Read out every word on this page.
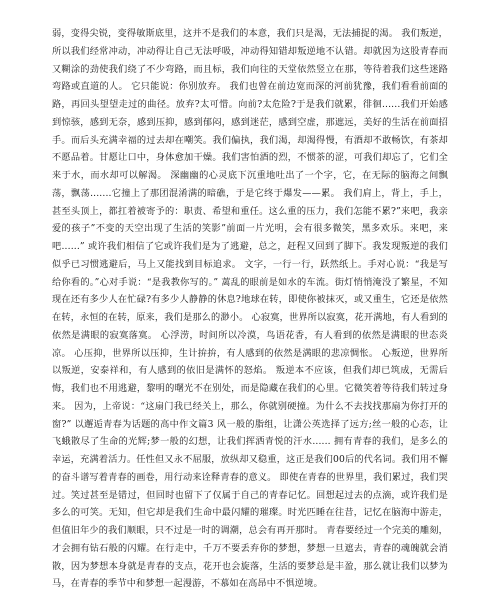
弱，变得尖锐，变得敏斯底里，这并不是我们的本意，我们只是渴，无法捕捉的渴。 我们叛逆，所以我们经常冲动，冲动得让自己无法呼吸，冲动得知错却叛逆地不认错。却就因为这股青春而又糊涂的劲使我们绕了不少弯路，而且标，我们向往的天堂依然竖立在那，等待着我们这些迷路弯路或直道的人。 它只能说：你别放弃。 我们也曾在前边宽而深的河前犹豫，我们看看前面的路，再回头望望走过的曲径。放弃?太可惜。向前?太危险?于是我们就累，徘徊......我们开始感到惊骇，感到无奈，感到压抑，感到郁闷，感到迷茫，感到空虚，那遮远，美好的生活在前面招手。而后头充满幸福的过去却在嘲笑。我们偏执，我们渴，却渴得慢，有酒却不敢畅饮，有茶却不愿品着。甘愿让口中，身体愈加干燥。我们害怕酒的烈，不惯茶的涩，可我们却忘了，它们全来于水，而水却可以解渴。 深幽幽的心灵底下沉重地吐出了一个字，它，在无际的脑海之间飘荡，飘荡.......它撞上了那团混淆满的暗礁，于是它终于爆发——累。 我们肩上，背上，手上，甚至头顶上，都扛着被寄予的：职责、希望和重任。这么重的压力，我们怎能不累?”来吧，我亲爱的孩子”不变的天空出现了生活的笑影”前面一片光明，会有很多微笑，黑多欢乐。来吧，来吧......” 或许我们相信了它或许我们是为了逃避，总之，赶程又回到了脚下。我发现叛逆的我们似乎已习惯逃避后，马上又能找到目标追求。 文字，一行一行，跃然纸上。手对心说：“我是写给你看的。”心对手说：“是我教你写的。” 蓠乱的眼前是如水的车流。街灯悄悄淹没了繁星，不知现在还有多少人在忙碌?有多少人静静的休息?地球在转，即使你被抹灭，或又重生，它还是依然在转，永恒的在转，原来，我们是那么的渺小。 心寂寞，世界所以寂寞，花开满地，有人看到的依然是满眼的寂寞落寞。 心浮涝，时间所以冷漠，鸟语花香，有人看到的依然是满眼的世态炎凉。 心压抑，世界所以压抑，生计拚拚，有人感到的依然是满眼的悲凉惆怅。 心叛逆，世界所以叛逆，安泰祥和，有人感到的依旧是满怀的怒焰。 叛逆本不应该，但我们却已筑成，无需后悔，我们也不用逃避，黎明的曙光不在别处，而是隐藏在我们的心里。它微笑着等待我们转过身来。 因为，上帝说：“这扇门我已经关上，那么，你就别硬撞。为什么不去找找那扇为你打开的窗?” 以邂逅青春为话题的高中作文篇3 风一般的脂组，让潇公英选择了远方;丝一般的心态，让飞蛾散尽了生命的光辉;梦一般的幻想，让我们挥洒青悦的汗水...... 拥有青春的我们，是多么的幸运，充满着活力。任性但又永不屈服，放纵却又稳重，这正是我们00后的代名词。我们用不懈的奋斗谱写着青春的画卷，用行动来诠释青春的意义。 即使在青春的世界里，我们累过，我们哭过。笑过甚至是错过，但回时也留下了仅属于自己的青春记忆。回想起过去的点滴，或许我们是多么的可笑。无知，但它却是我们生命中最闪耀的璀璨。时光匹睡在往昔，记忆在脑海中游走，但值旧年少的我们顺眼，只不过是一时的调潮，总会有再开那时。 青春要经过一个完美的雕刻，才会拥有钻石般的闪耀。在行走中，千万不要丢弃你的梦想，梦想一旦遮去，青春的魂魄就会消散，因为梦想本身就是青春的支点，花开也会旋落，生活的要梦总是丰盈，那么就让我们以梦为马，在青春的季节中和梦想一起漫游，不慕如在高昂中不惧逆境。
